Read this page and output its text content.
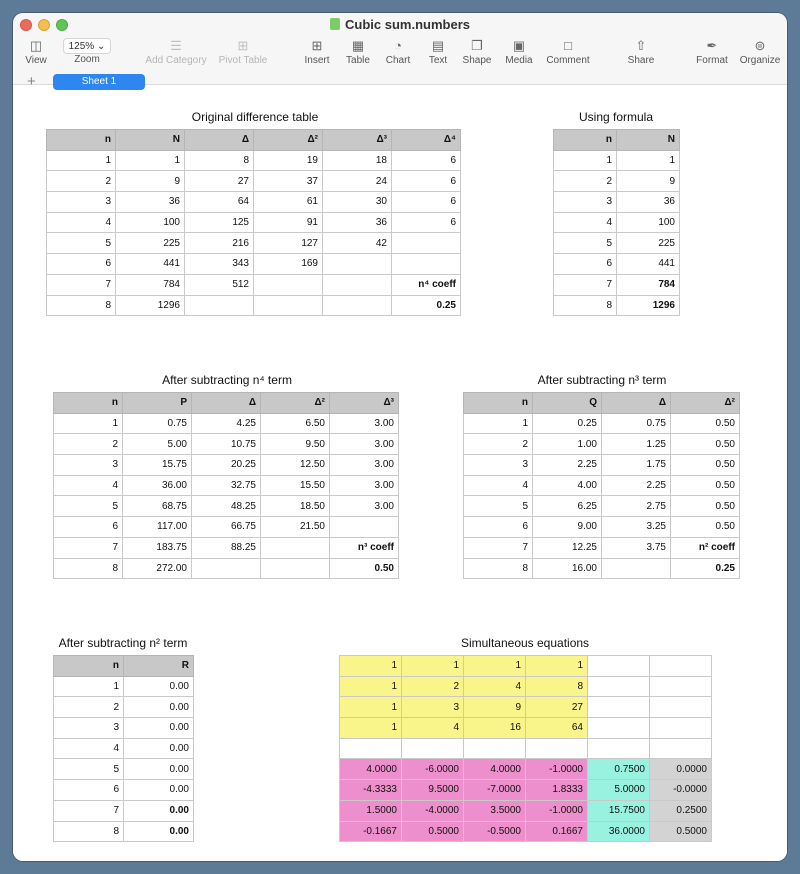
Cubic sum.numbers
◫
View
125% ⌄
Zoom
☰
Add Category
⊞
Pivot Table
⊞
Insert
▦
Table
◔
Chart
▤
Text
❐
Shape
▣
Media
□
Comment
⇧
Share
✒
Format
⊜
Organize
+	Sheet 1
Original difference table
n	N	Δ	Δ²	Δ³	Δ⁴
1	1	8	19	18	6
2	9	27	37	24	6
3	36	64	61	30	6
4	100	125	91	36	6
5	225	216	127	42	
6	441	343	169		
7	784	512			n⁴ coeff
8	1296				0.25
Using formula
n	N
1	1
2	9
3	36
4	100
5	225
6	441
7	784
8	1296
After subtracting n⁴ term
n	P	Δ	Δ²	Δ³
1	0.75	4.25	6.50	3.00
2	5.00	10.75	9.50	3.00
3	15.75	20.25	12.50	3.00
4	36.00	32.75	15.50	3.00
5	68.75	48.25	18.50	3.00
6	117.00	66.75	21.50	
7	183.75	88.25		n³ coeff
8	272.00			0.50
After subtracting n³ term
n	Q	Δ	Δ²
1	0.25	0.75	0.50
2	1.00	1.25	0.50
3	2.25	1.75	0.50
4	4.00	2.25	0.50
5	6.25	2.75	0.50
6	9.00	3.25	0.50
7	12.25	3.75	n² coeff
8	16.00		0.25
After subtracting n² term
n	R
1	0.00
2	0.00
3	0.00
4	0.00
5	0.00
6	0.00
7	0.00
8	0.00
Simultaneous equations
1	1	1	1		
1	2	4	8		
1	3	9	27		
1	4	16	64		

4.0000	-6.0000	4.0000	-1.0000	0.7500	0.0000
-4.3333	9.5000	-7.0000	1.8333	5.0000	-0.0000
1.5000	-4.0000	3.5000	-1.0000	15.7500	0.2500
-0.1667	0.5000	-0.5000	0.1667	36.0000	0.5000
